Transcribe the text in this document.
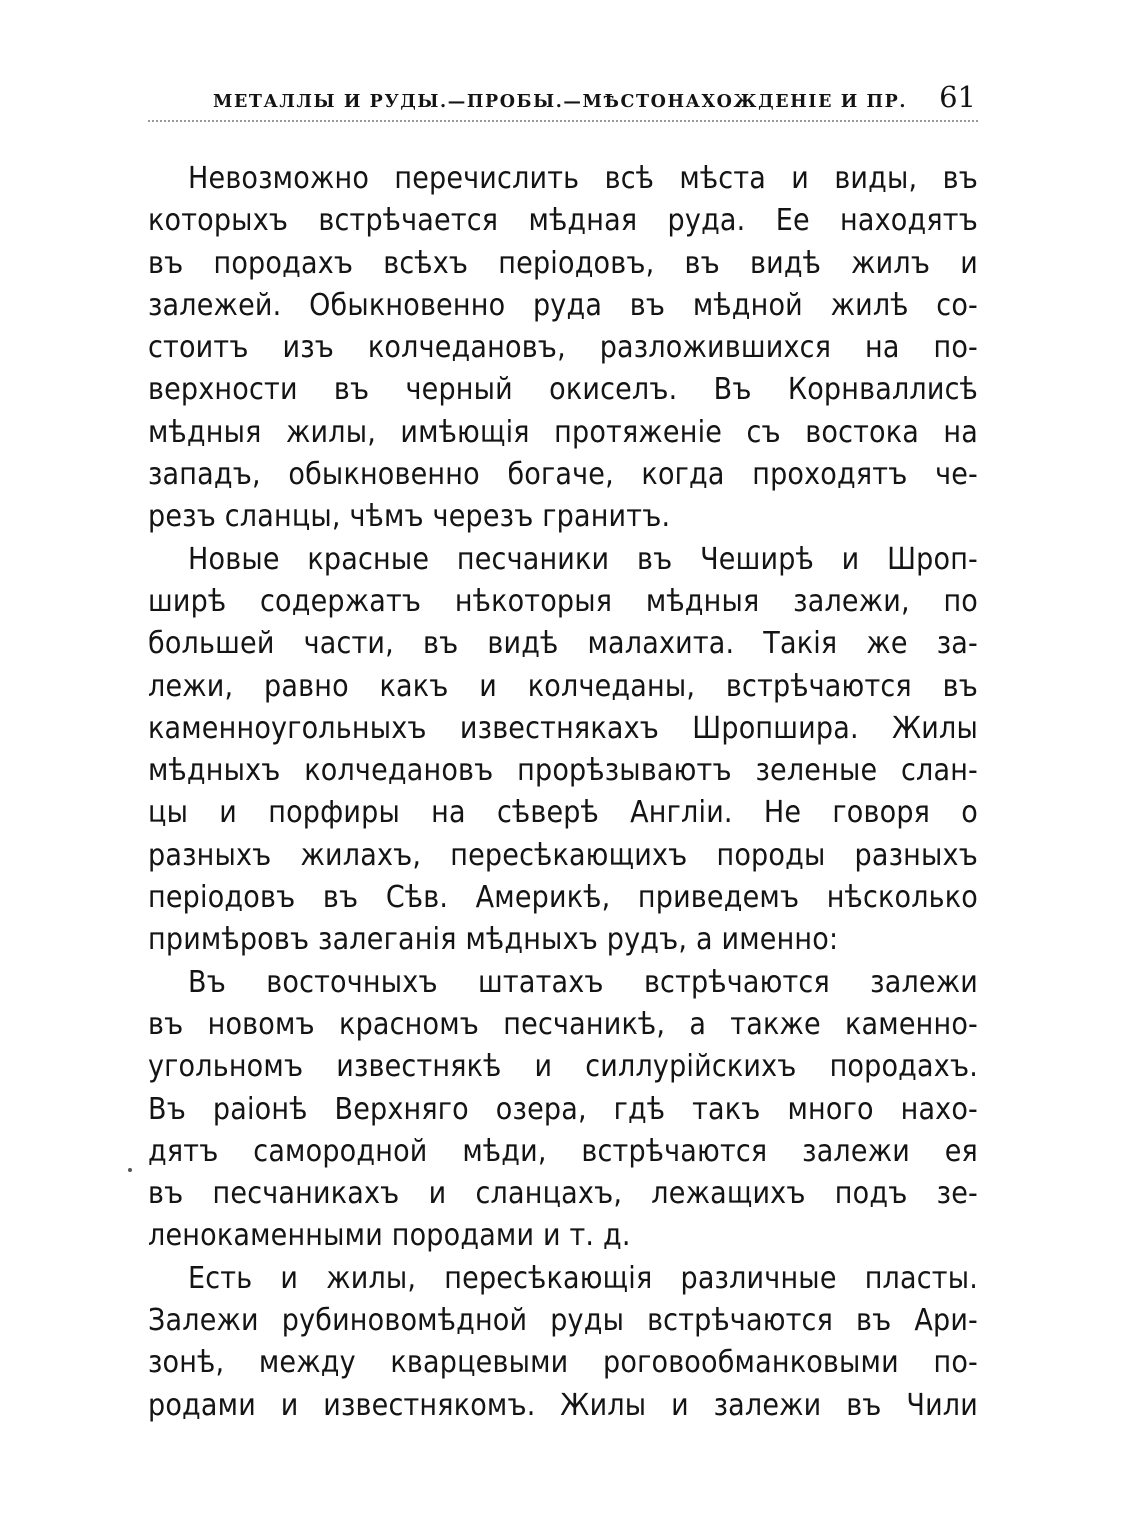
МЕТАЛЛЫ И РУДЫ.—ПРОБЫ.—МѢСТОНАХОЖДЕНІЕ И ПР. 61
Невозможно перечислить всѣ мѣста и виды, въ
которыхъ встрѣчается мѣдная руда. Ее находятъ
въ породахъ всѣхъ періодовъ, въ видѣ жилъ и
залежей. Обыкновенно руда въ мѣдной жилѣ со-
стоитъ изъ колчедановъ, разложившихся на по-
верхности въ черный окиселъ. Въ Корнваллисѣ
мѣдныя жилы, имѣющія протяженіе съ востока на
западъ, обыкновенно богаче, когда проходятъ че-
резъ сланцы, чѣмъ черезъ гранитъ.
Новые красные песчаники въ Чеширѣ и Шроп-
ширѣ содержатъ нѣкоторыя мѣдныя залежи, по
большей части, въ видѣ малахита. Такія же за-
лежи, равно какъ и колчеданы, встрѣчаются въ
каменноугольныхъ известнякахъ Шропшира. Жилы
мѣдныхъ колчедановъ прорѣзываютъ зеленые слан-
цы и порфиры на сѣверѣ Англіи. Не говоря о
разныхъ жилахъ, пересѣкающихъ породы разныхъ
періодовъ въ Сѣв. Америкѣ, приведемъ нѣсколько
примѣровъ залеганія мѣдныхъ рудъ, а именно:
Въ восточныхъ штатахъ встрѣчаются залежи
въ новомъ красномъ песчаникѣ, а также каменно-
угольномъ известнякѣ и силлурійскихъ породахъ.
Въ раіонѣ Верхняго озера, гдѣ такъ много нахо-
дятъ самородной мѣди, встрѣчаются залежи ея
въ песчаникахъ и сланцахъ, лежащихъ подъ зе-
ленокаменными породами и т. д.
Есть и жилы, пересѣкающія различные пласты.
Залежи рубиновомѣдной руды встрѣчаются въ Ари-
зонѣ, между кварцевыми роговообманковыми по-
родами и известнякомъ. Жилы и залежи въ Чили
